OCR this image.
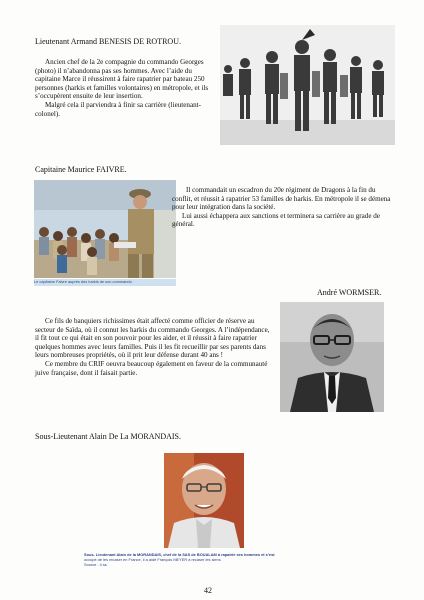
Lieutenant Armand BENESIS DE ROTROU.

Ancien chef de la 2e compagnie du commando Georges (photo) il n’abandonna pas ses hommes. Avec l’aide du capitaine Marce il réussirent à faire rapatrier par bateau 250 personnes (harkis et familles volontaires) en métropole, et ils s’occupèrent ensuite de leur insertion.

Malgré cela il parviendra à finir sa carrière (lieutenant-colonel).

Capitaine Maurice FAIVRE.
Le capitaine Faivre auprès des harkis de son commando

Il commandait un escadron du 20e régiment de Dragons à la fin du conflit, et réussit à rapatrier 53 familles de harkis. En métropole il se démena pour leur intégration dans la société.

Lui aussi échappera aux sanctions et terminera sa carrière au grade de général.

André WORMSER.

Ce fils de banquiers richissimes était affecté comme officier de réserve au secteur de Saïda, où il connut les harkis du commando Georges. A l’indépendance, il fit tout ce qui était en son pouvoir pour les aider, et il réussit à faire rapatrier quelques hommes avec leurs familles. Puis il les fit recueillir par ses parents dans leurs nombreuses propriétés, où il prit leur défense durant 40 ans !

Ce membre du CRIF oeuvra beaucoup également en faveur de la communauté juive française, dont il faisait partie.

Sous-Lieutenant Alain De La MORANDAIS.
Sous- Lieutenant Alain de la MORANDAIS, chef de la SAS de BOUALAM à rapatrié ses hommes et s’est
occupé de les recaser en France, il a aidé François MEYER à recaser les siens
Source : 4 ss
42
